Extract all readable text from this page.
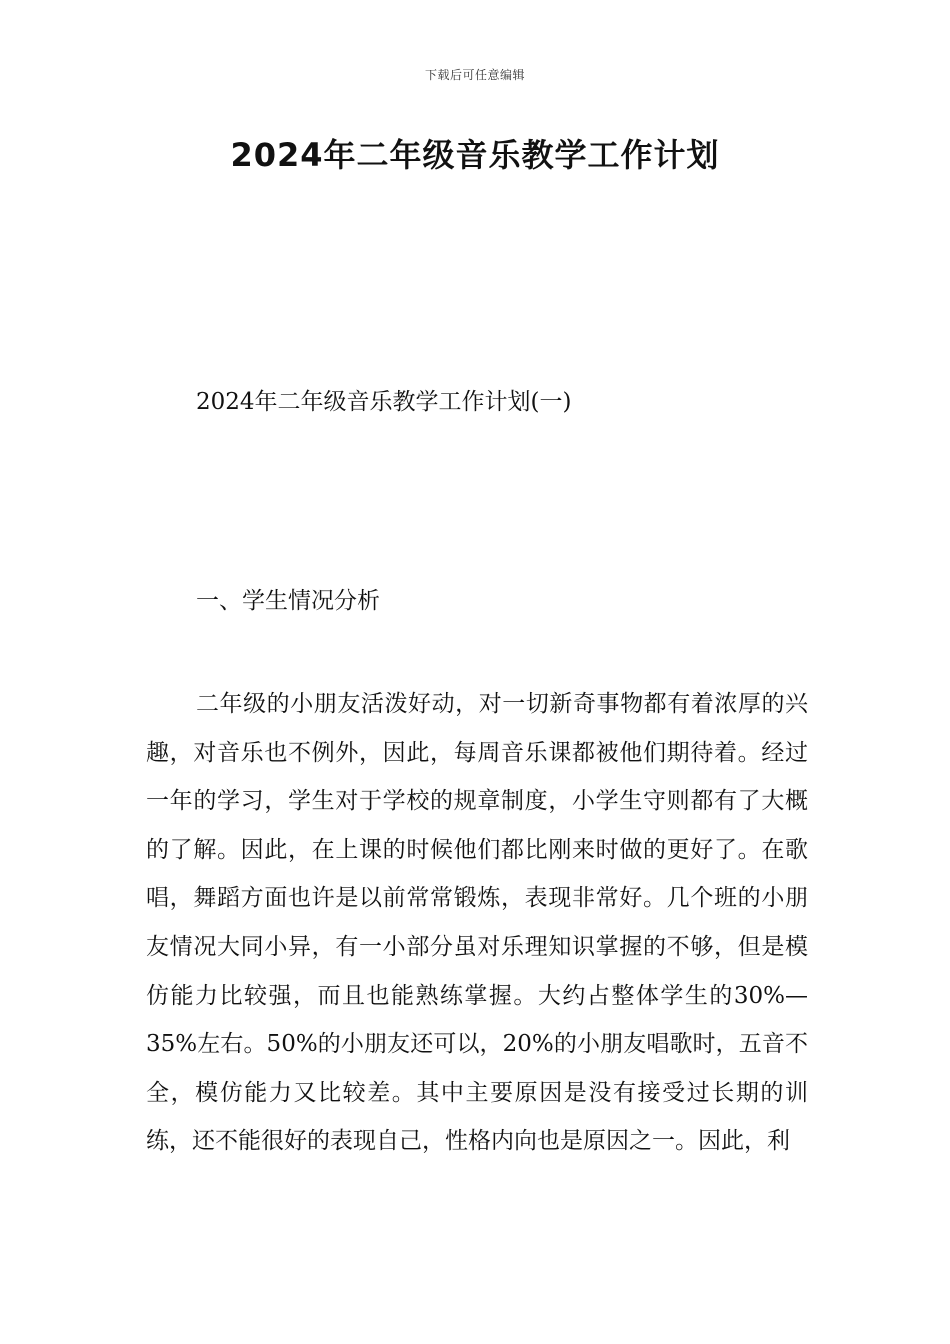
下载后可任意编辑
2024年二年级音乐教学工作计划
2024年二年级音乐教学工作计划(一)
一、学生情况分析

二年级的小朋友活泼好动，对一切新奇事物都有着浓厚的兴趣，对音乐也不例外，因此，每周音乐课都被他们期待着。经过一年的学习，学生对于学校的规章制度，小学生守则都有了大概的了解。因此，在上课的时候他们都比刚来时做的更好了。在歌唱，舞蹈方面也许是以前常常锻炼，表现非常好。几个班的小朋友情况大同小异，有一小部分虽对乐理知识掌握的不够，但是模仿能力比较强，而且也能熟练掌握。大约占整体学生的30%—35%左右。50%的小朋友还可以，20%的小朋友唱歌时，五音不全，模仿能力又比较差。其中主要原因是没有接受过长期的训练，还不能很好的表现自己，性格内向也是原因之一。因此，利
